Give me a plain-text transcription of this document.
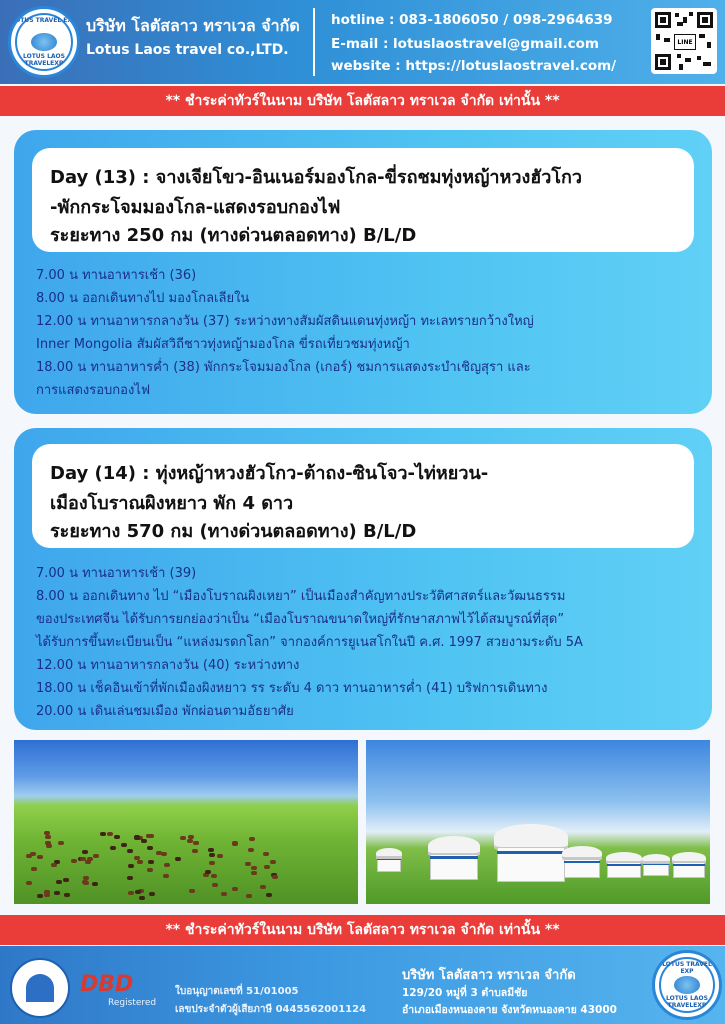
LOTUS TRAVEL EXP
LOTUS LAOS TRAVELEXP
บริษัท โลตัสลาว ทราเวล จำกัด
Lotus Laos travel co.,LTD.
hotline : 083-1806050 / 098-2964639
E-mail : lotuslaostravel@gmail.com
website : https://lotuslaostravel.com/
LINE
** ชำระค่าทัวร์ในนาม บริษัท โลตัสลาว ทราเวล จำกัด เท่านั้น **
Day (13) : จางเจียโขว-อินเนอร์มองโกล-ขี่รถชมทุ่งหญ้าหวงฮัวโกว
-พักกระโจมมองโกล-แสดงรอบกองไฟ
ระยะทาง 250 กม (ทางด่วนตลอดทาง) B/L/D
7.00 น ทานอาหารเช้า (36)
8.00 น ออกเดินทางไป มองโกลเลียใน
12.00 น ทานอาหารกลางวัน (37) ระหว่างทางสัมผัสดินแดนทุ่งหญ้า ทะเลทรายกว้างใหญ่
Inner Mongolia สัมผัสวิถีชาวทุ่งหญ้ามองโกล ขี่รถเที่ยวชมทุ่งหญ้า
18.00 น ทานอาหารค่ำ (38) พักกระโจมมองโกล (เกอร์) ชมการแสดงระบำเชิญสุรา และ
การแสดงรอบกองไฟ
Day (14) : ทุ่งหญ้าหวงฮัวโกว-ต้าถง-ซินโจว-ไท่หยวน-
เมืองโบราณผิงหยาว พัก 4 ดาว
ระยะทาง 570 กม (ทางด่วนตลอดทาง) B/L/D
7.00 น ทานอาหารเช้า (39)
8.00 น ออกเดินทาง ไป “เมืองโบราณผิงเหยา” เป็นเมืองสำคัญทางประวัติศาสตร์และวัฒนธรรม
ของประเทศจีน ได้รับการยกย่องว่าเป็น “เมืองโบราณขนาดใหญ่ที่รักษาสภาพไว้ได้สมบูรณ์ที่สุด”
ได้รับการขึ้นทะเบียนเป็น “แหล่งมรดกโลก” จากองค์การยูเนสโกในปี ค.ศ. 1997 สวยงามระดับ 5A
12.00 น ทานอาหารกลางวัน (40) ระหว่างทาง
18.00 น เช็คอินเข้าที่พักเมืองผิงหยาว รร ระดับ 4 ดาว ทานอาหารค่ำ (41) บริฟการเดินทาง
20.00 น เดินเล่นชมเมือง พักผ่อนตามอัธยาศัย
** ชำระค่าทัวร์ในนาม บริษัท โลตัสลาว ทราเวล จำกัด เท่านั้น **
DBD
Registered
ใบอนุญาตเลขที่ 51/01005
เลขประจำตัวผู้เสียภาษี 0445562001124
บริษัท โลตัสลาว ทราเวล จำกัด
129/20 หมู่ที่ 3 ตำบลมีชัย
อำเภอเมืองหนองคาย จังหวัดหนองคาย 43000
LOTUS TRAVEL EXP
LOTUS LAOS TRAVELEXP
